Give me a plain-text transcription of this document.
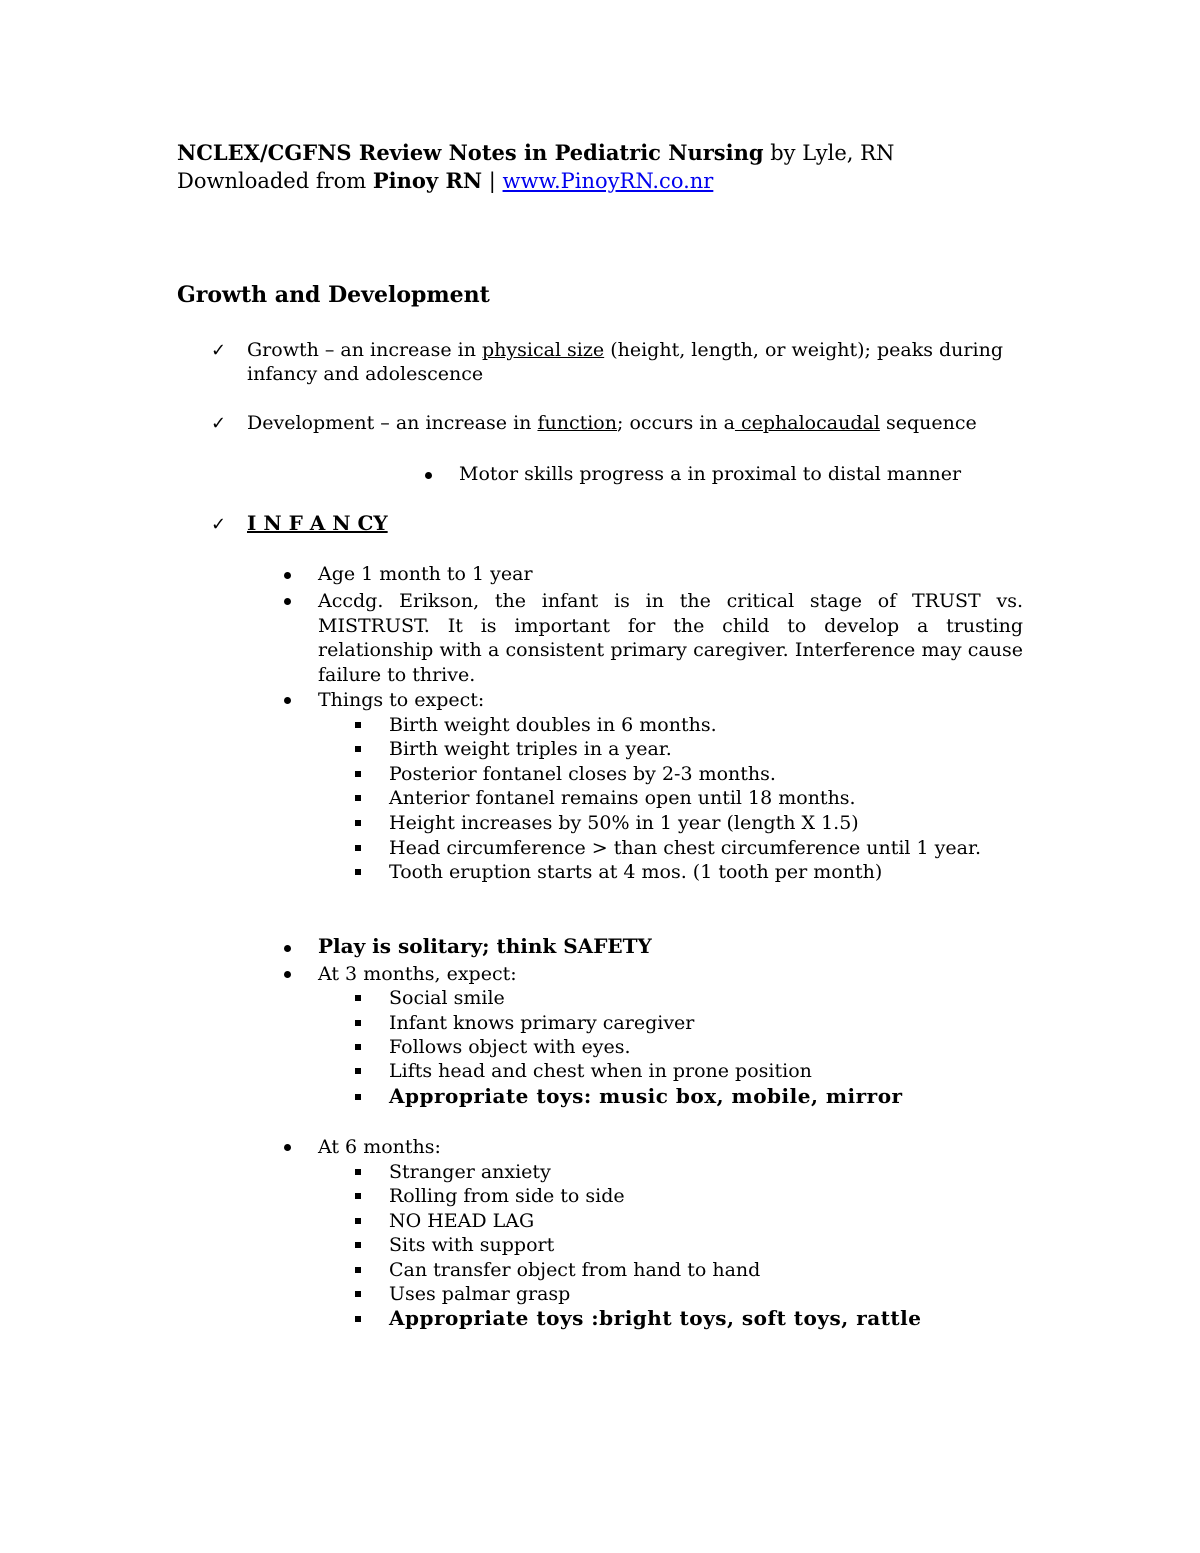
NCLEX/CGFNS Review Notes in Pediatric Nursing by Lyle, RN
Downloaded from Pinoy RN | www.PinoyRN.co.nr
Growth and Development
✓ Growth – an increase in physical size (height, length, or weight); peaks during
infancy and adolescence
✓ Development – an increase in function; occurs in a cephalocaudal sequence
Motor skills progress a in proximal to distal manner
✓ I N F A N CY
Age 1 month to 1 year
Accdg. Erikson, the infant is in the critical stage of TRUST vs. MISTRUST. It is important for the child to develop a trusting relationship with a consistent primary caregiver. Interference may cause failure to thrive.
Things to expect:
Birth weight doubles in 6 months.
Birth weight triples in a year.
Posterior fontanel closes by 2-3 months.
Anterior fontanel remains open until 18 months.
Height increases by 50% in 1 year (length X 1.5)
Head circumference > than chest circumference until 1 year.
Tooth eruption starts at 4 mos. (1 tooth per month)
Play is solitary; think SAFETY
At 3 months, expect:
Social smile
Infant knows primary caregiver
Follows object with eyes.
Lifts head and chest when in prone position
Appropriate toys: music box, mobile, mirror
At 6 months:
Stranger anxiety
Rolling from side to side
NO HEAD LAG
Sits with support
Can transfer object from hand to hand
Uses palmar grasp
Appropriate toys :bright toys, soft toys, rattle
